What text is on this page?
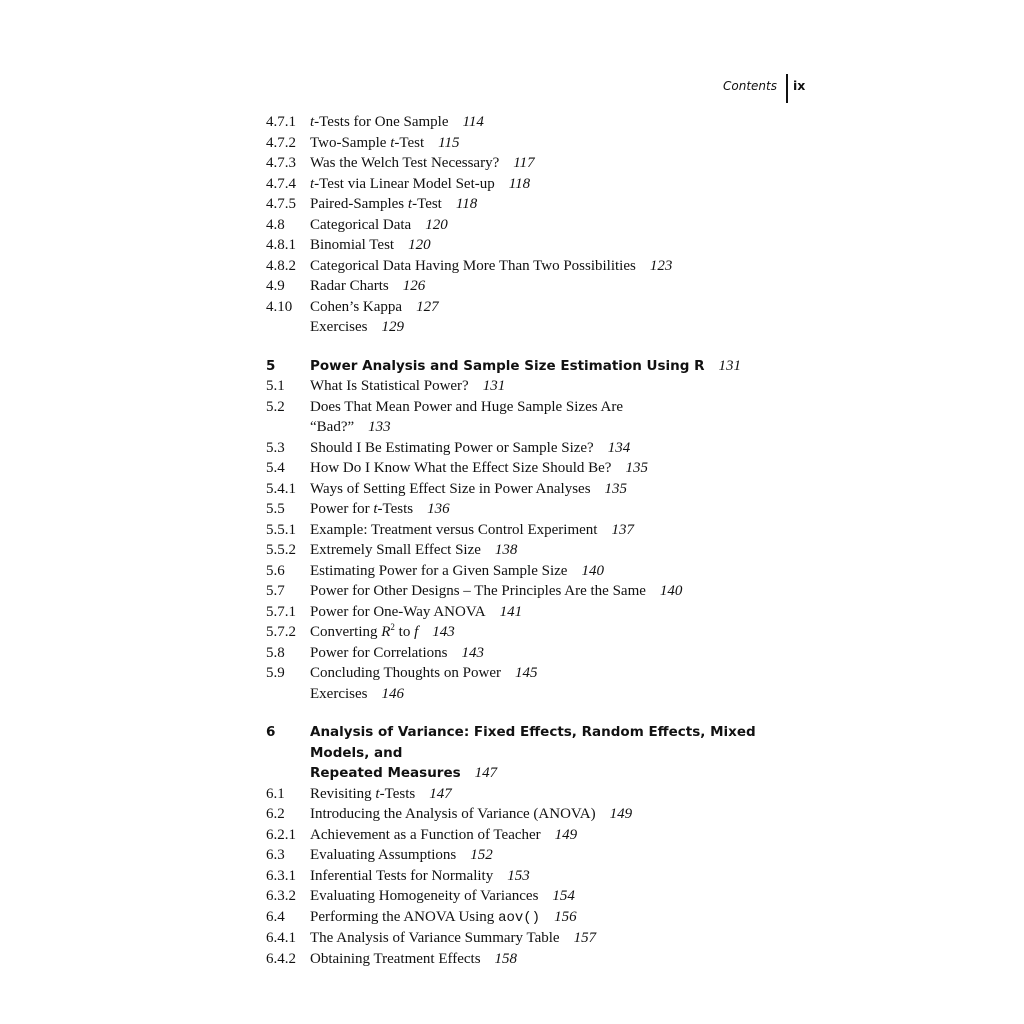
Contents ix
4.7.1 t-Tests for One Sample 114
4.7.2 Two-Sample t-Test 115
4.7.3 Was the Welch Test Necessary? 117
4.7.4 t-Test via Linear Model Set-up 118
4.7.5 Paired-Samples t-Test 118
4.8 Categorical Data 120
4.8.1 Binomial Test 120
4.8.2 Categorical Data Having More Than Two Possibilities 123
4.9 Radar Charts 126
4.10 Cohen’s Kappa 127
Exercises 129
5	Power Analysis and Sample Size Estimation Using R 131
5.1 What Is Statistical Power? 131
5.2 Does That Mean Power and Huge Sample Sizes Are
“Bad?” 133
5.3 Should I Be Estimating Power or Sample Size? 134
5.4 How Do I Know What the Effect Size Should Be? 135
5.4.1 Ways of Setting Effect Size in Power Analyses 135
5.5 Power for t-Tests 136
5.5.1 Example: Treatment versus Control Experiment 137
5.5.2 Extremely Small Effect Size 138
5.6 Estimating Power for a Given Sample Size 140
5.7 Power for Other Designs – The Principles Are the Same 140
5.7.1 Power for One-Way ANOVA 141
5.7.2 Converting $R^2$ to f 143
5.8 Power for Correlations 143
5.9 Concluding Thoughts on Power 145
Exercises 146
6	Analysis of Variance: Fixed Effects, Random Effects, Mixed Models, and
Repeated Measures 147
6.1 Revisiting t-Tests 147
6.2 Introducing the Analysis of Variance (ANOVA) 149
6.2.1 Achievement as a Function of Teacher 149
6.3 Evaluating Assumptions 152
6.3.1 Inferential Tests for Normality 153
6.3.2 Evaluating Homogeneity of Variances 154
6.4 Performing the ANOVA Using aov() 156
6.4.1 The Analysis of Variance Summary Table 157
6.4.2 Obtaining Treatment Effects 158
